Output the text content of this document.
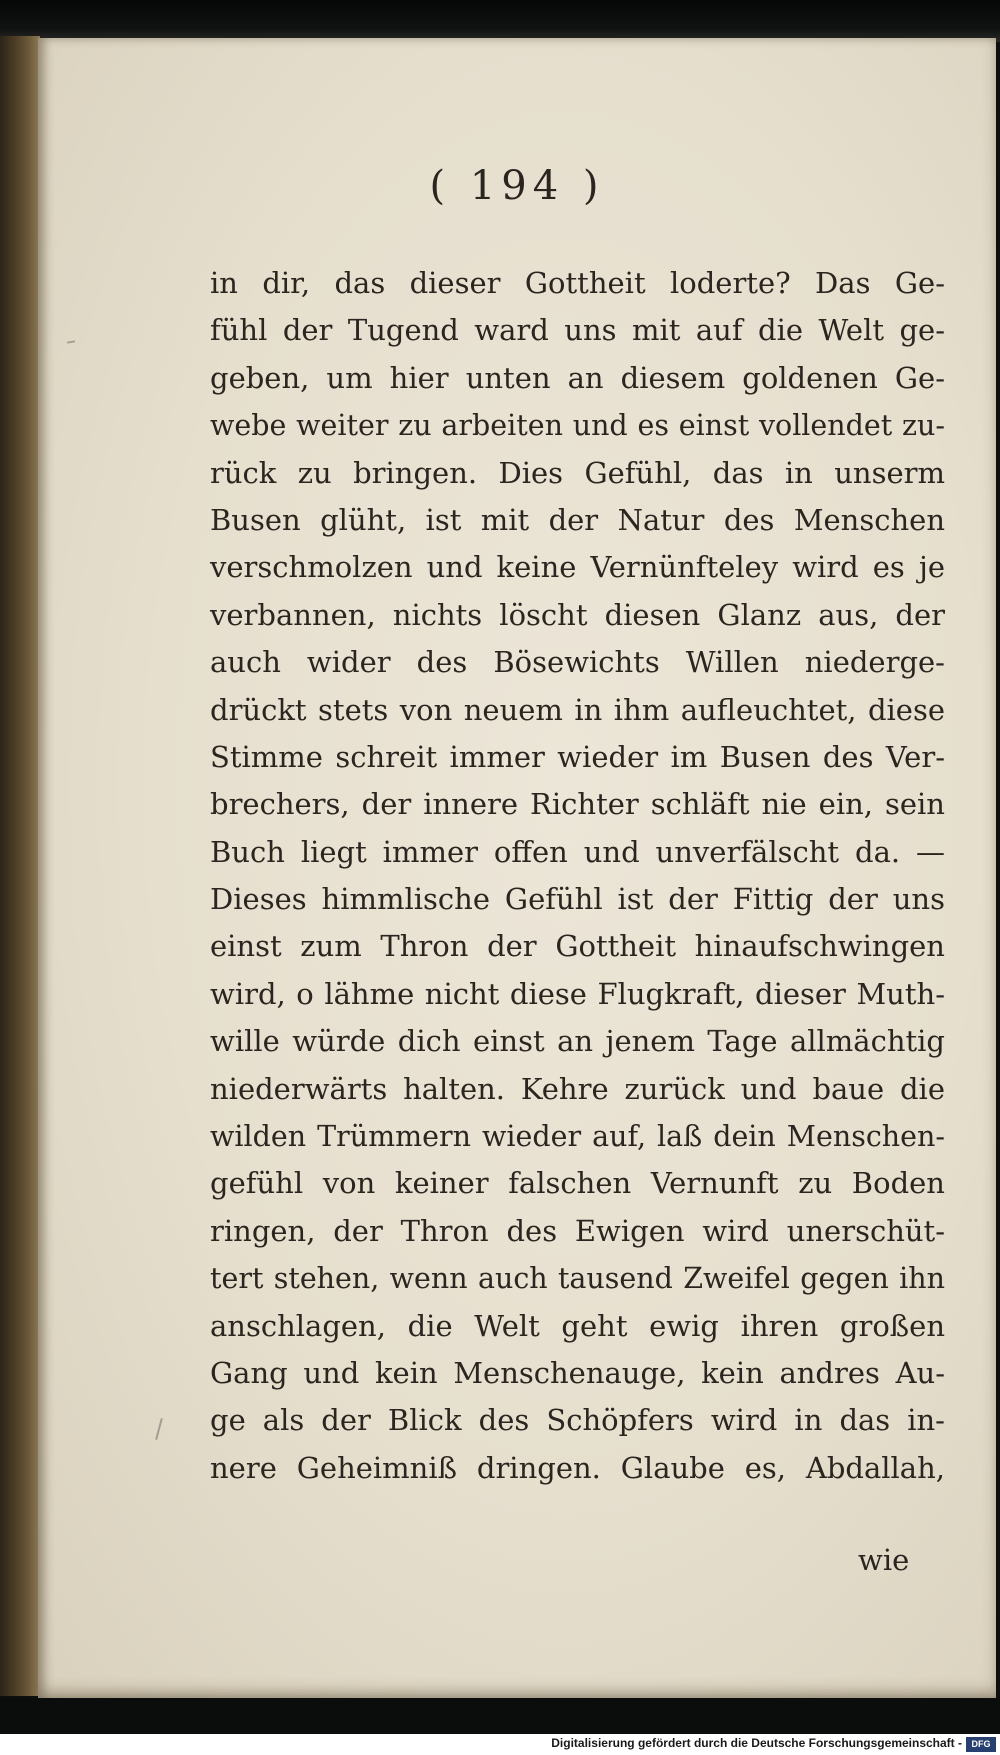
( 194 )
in dir, das dieser Gottheit loderte? Das Ge-
fühl der Tugend ward uns mit auf die Welt ge-
geben, um hier unten an diesem goldenen Ge-
webe weiter zu arbeiten und es einst vollendet zu-
rück zu bringen. Dies Gefühl, das in unserm
Busen glüht, ist mit der Natur des Menschen
verschmolzen und keine Vernünfteley wird es je
verbannen, nichts löscht diesen Glanz aus, der
auch wider des Bösewichts Willen niederge-
drückt stets von neuem in ihm aufleuchtet, diese
Stimme schreit immer wieder im Busen des Ver-
brechers, der innere Richter schläft nie ein, sein
Buch liegt immer offen und unverfälscht da. —
Dieses himmlische Gefühl ist der Fittig der uns
einst zum Thron der Gottheit hinaufschwingen
wird, o lähme nicht diese Flugkraft, dieser Muth-
wille würde dich einst an jenem Tage allmächtig
niederwärts halten. Kehre zurück und baue die
wilden Trümmern wieder auf, laß dein Menschen-
gefühl von keiner falschen Vernunft zu Boden
ringen, der Thron des Ewigen wird unerschüt-
tert stehen, wenn auch tausend Zweifel gegen ihn
anschlagen, die Welt geht ewig ihren großen
Gang und kein Menschenauge, kein andres Au-
ge als der Blick des Schöpfers wird in das in-
nere Geheimniß dringen. Glaube es, Abdallah,
wie
Digitalisierung gefördert durch die Deutsche Forschungsgemeinschaft -	DFG
